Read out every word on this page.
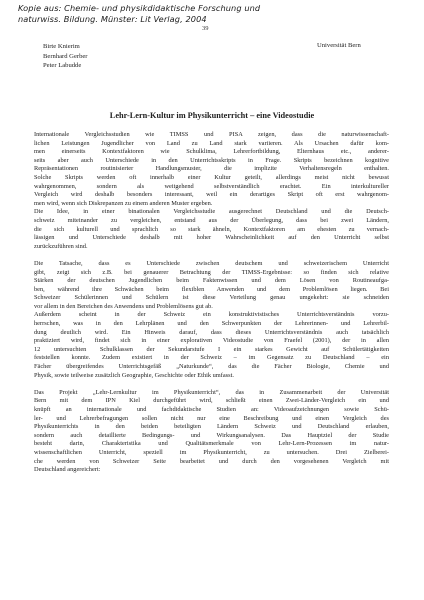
Kopie aus: Chemie- und physikdidaktische Forschung und
naturwiss. Bildung. Münster: Lit Verlag, 2004
39
Birte Knierim
Bernhard Gerber
Peter Labudde
Universität Bern
Lehr-Lern-Kultur im Physikunterricht – eine Videostudie

Internationale Vergleichsstudien wie TIMSS und PISA zeigen, dass die naturwissenschaft-
lichen Leistungen Jugendlicher von Land zu Land stark variieren. Als Ursachen dafür kom-
men einerseits Kontextfaktoren wie Schulklima, Lehrerfortbildung, Elternhaus etc., anderer-
seits aber auch Unterschiede in den Unterrichtsskripts in Frage. Skripts bezeichnen kognitive
Repräsentationen routinisierter Handlungsmuster, die implizite Verhaltensregeln enthalten.
Solche Skripts werden oft innerhalb einer Kultur geteilt, allerdings meist nicht bewusst
wahrgenommen, sondern als weitgehend selbstverständlich erachtet. Ein interkultureller
Vergleich wird deshalb besonders interessant, weil ein derartiges Skript oft erst wahrgenom-
men wird, wenn sich Diskrepanzen zu einem anderen Muster ergeben.
Die Idee, in einer binationalen Vergleichsstudie ausgerechnet Deutschland und die Deutsch-
schweiz miteinander zu vergleichen, entstand aus der Überlegung, dass bei zwei Ländern,
die sich kulturell und sprachlich so stark ähneln, Kontextfaktoren am ehesten zu vernach-
lässigen und Unterschiede deshalb mit hoher Wahrscheinlichkeit auf den Unterricht selbst
zurückzuführen sind.

Die Tatsache, dass es Unterschiede zwischen deutschem und schweizerischem Unterricht
gibt, zeigt sich z.B. bei genauerer Betrachtung der TIMSS-Ergebnisse: so finden sich relative
Stärken der deutschen Jugendlichen beim Faktenwissen und dem Lösen von Routineaufga-
ben, während ihre Schwächen beim flexiblen Anwenden und dem Problemlösen liegen. Bei
Schweizer Schülerinnen und Schülern ist diese Verteilung genau umgekehrt: sie schneiden
vor allem in den Bereichen des Anwendens und Problemlösens gut ab.
Außerdem scheint in der Schweiz ein konstruktivistisches Unterrichtsverständnis vorzu-
herrschen, was in den Lehrplänen und den Schwerpunkten der Lehrerinnen- und Lehrerbil-
dung deutlich wird. Ein Hinweis darauf, dass dieses Unterrichtsverständnis auch tatsächlich
praktiziert wird, findet sich in einer explorativen Videostudie von Fraefel (2001), der in allen
12 untersuchten Schulklassen der Sekundarstufe I ein starkes Gewicht auf Schülertätigkeiten
feststellen konnte. Zudem existiert in der Schweiz – im Gegensatz zu Deutschland – ein
Fächer übergreifendes Unterrichtsgefäß „Naturkunde“, das die Fächer Biologie, Chemie und
Physik, sowie teilweise zusätzlich Geographie, Geschichte oder Ethik umfasst.

Das Projekt „Lehr-Lernkultur im Physikunterricht“, das in Zusammenarbeit der Universität
Bern mit dem IPN Kiel durchgeführt wird, schließt einen Zwei-Länder-Vergleich ein und
knüpft an internationale und fachdidaktische Studien an: Videoaufzeichnungen sowie Schü-
ler- und Lehrerbefragungen sollen nicht nur eine Beschreibung und einen Vergleich des
Physikunterrichts in den beiden beteiligten Ländern Schweiz und Deutschland erlauben,
sondern auch detaillierte Bedingungs- und Wirkungsanalysen. Das Hauptziel der Studie
besteht darin, Charakteristika und Qualitätsmerkmale von Lehr-Lern-Prozessen im natur-
wissenschaftlichen Unterricht, speziell im Physikunterricht, zu untersuchen. Drei Zielberei-
che werden von Schweizer Seite bearbeitet und durch den vorgesehenen Vergleich mit
Deutschland angereichert:
